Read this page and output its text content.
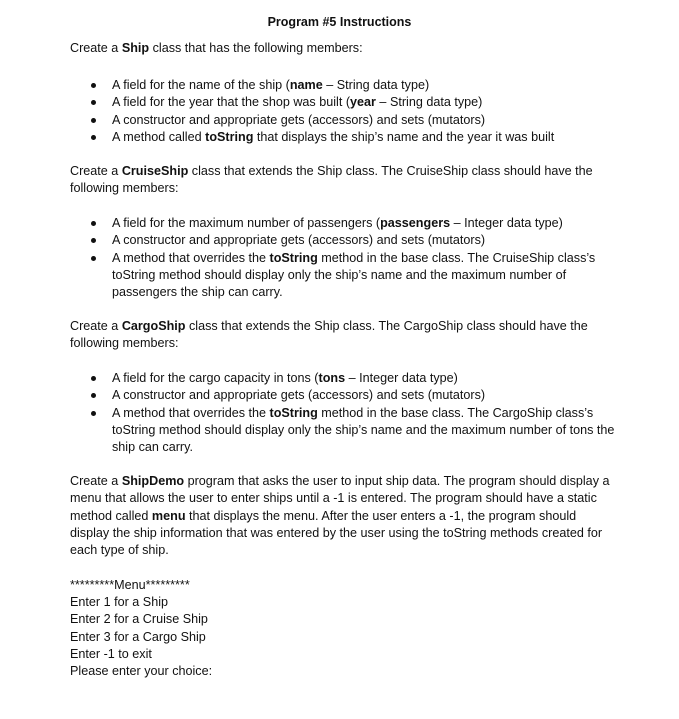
Program #5 Instructions
Create a Ship class that has the following members:
A field for the name of the ship (name – String data type)
A field for the year that the shop was built (year – String data type)
A constructor and appropriate gets (accessors) and sets (mutators)
A method called toString that displays the ship’s name and the year it was built
Create a CruiseShip class that extends the Ship class. The CruiseShip class should have the following members:
A field for the maximum number of passengers (passengers – Integer data type)
A constructor and appropriate gets (accessors) and sets (mutators)
A method that overrides the toString method in the base class. The CruiseShip class’s toString method should display only the ship’s name and the maximum number of passengers the ship can carry.
Create a CargoShip class that extends the Ship class. The CargoShip class should have the following members:
A field for the cargo capacity in tons (tons – Integer data type)
A constructor and appropriate gets (accessors) and sets (mutators)
A method that overrides the toString method in the base class. The CargoShip class’s toString method should display only the ship’s name and the maximum number of tons the ship can carry.
Create a ShipDemo program that asks the user to input ship data. The program should display a menu that allows the user to enter ships until a -1 is entered. The program should have a static method called menu that displays the menu. After the user enters a -1, the program should display the ship information that was entered by the user using the toString methods created for each type of ship.
*********Menu*********
Enter 1 for a Ship
Enter 2 for a Cruise Ship
Enter 3 for a Cargo Ship
Enter -1 to exit
Please enter your choice:
